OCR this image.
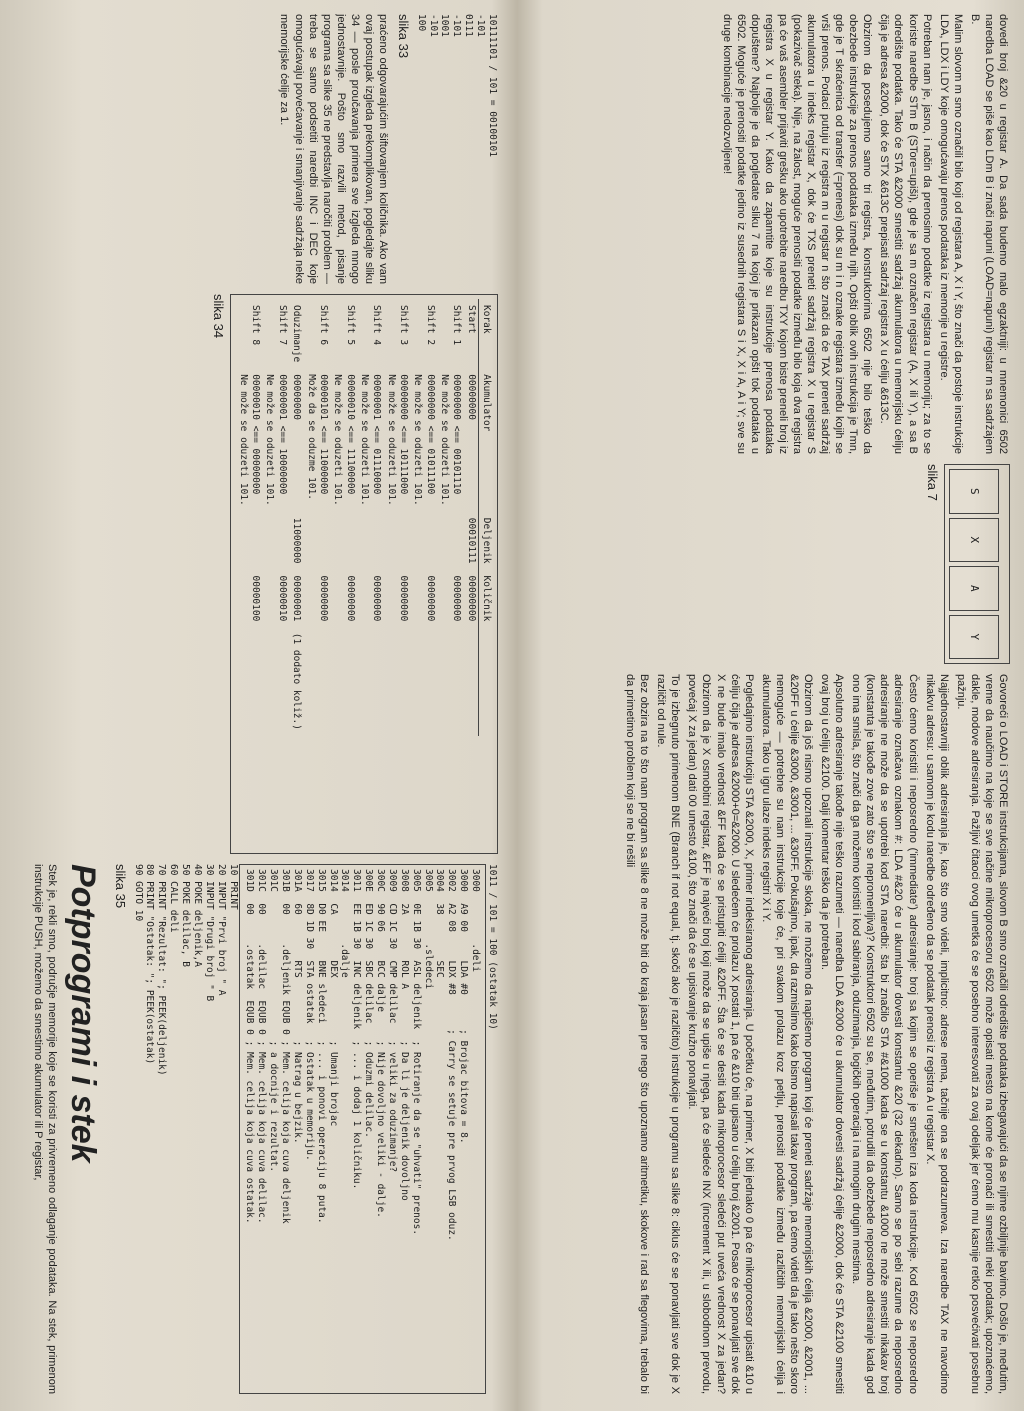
10111101 / 101 = 00100101
-101
0111
-101
1001
-101
100
slika 33

praćeno odgovarajućim šiftovanjem količnika. Ako vam ovaj postupak izgleda prekomplikovan, pogledajte sliku 34 — posle proučavanja primera sve izgleda mnogo jednostavnije. Pošto smo razvili metod, pisanje programa sa slike 35 ne predstavlja naročiti problem — treba se samo podsetiti naredbi INC i DEC koje omogućavaju povećavanje i smanjivanje sadržaja neke memorijske ćelije za 1.

Korak	Akumulator	Deljenik	Količnik
Start	00000000	00010111	00000000
Shift 1	00000000 <== 00101110
Ne može se oduzeti 101.		00000000
Shift 2	00000000 <== 01011100
Ne može se oduzeti 101.		00000000
Shift 3	00000000 <== 10111000
Ne može se oduzeti 101.		00000000
Shift 4	00000001 <== 01110000
Ne može se oduzeti 101.		00000000
Shift 5	00000010 <== 11100000
Ne može se oduzeti 101.		00000000
Shift 6	00000101 <== 11000000
Može da se oduzme 101.		00000000
Oduzimanje	00000000	11000000	00000001  (1 dodato koliž.)
Shift 7	00000001 <== 10000000
Ne može se oduzeti 101.		00000010
Shift 8	00000010 <== 00000000
Ne može se oduzeti 101.		00000100
slika 34
1011 / 101 = 100 (ostatak 10)
3000         .deli
3000  A9 00     LDA #0      ; Brojac bitova = 8.
3002  A2 08     LDX #8      ; Carry se setuje pre prvog LSB oduz.
3004  38        SEC
3005         .sledeci
3005  0E 1B 30  ASL deljenik  ; Rotiranje da se "uhvati" prenos.
3008  2A        ROL A         ; Da li je deljenik dovoljno
3009  CD 1C 30  CMP delilac   ; veliki za oduzimanje?
300C  90 06     BCC dalje     ; Nije dovoljno veliki - dalje.
300E  ED 1C 30  SBC delilac   ; Oduzmi delilac.
3011  EE 1B 30  INC deljenik  ; ... i dodaj 1 količniku.
3014         .dalje
3014  CA        DEX           ; Umanji brojac
3015  D0 EE     BNE sledeci   ; ... i ponovi operaciju 8 puta.
3017  8D 1D 30  STA ostatak   ; Ostatak u memoriju.
301A  60        RTS           ; Natrag u bejzik.
301B  00     .deljenik EQUB 0 ; Mem. celija koja cuva deljenik
301C                          ; a docnije i rezultat.
301C  00     .delilac  EQUB 0 ; Mem. celija koja cuva delilac.
301D  00     .ostatak  EQUB 0 ; Mem. celija koja cuva ostatak.
10 PRINT
20 INPUT "Prvi broj " A
30 INPUT "Drugi broj " B
40 POKE deljenik,A
50 POKE delilac, B
60 CALL deli
70 PRINT "Rezultat: "; PEEK(deljenik)
80 PRINT "Ostatak: "; PEEK(ostatak)
90 GOTO 10
slika 35
Potprogrami i stek

Stek je, rekli smo, područje memorije koje se koristi za privremeno odlaganje podataka. Na stek, primenom instrukcije PUSH, možemo da smestimo akumulator ili P registar,

dovedi broj &20 u registar A. Da sada budemo malo egzaktniji: u mnemonici 6502 naredba LOAD se piše kao LDm B i znači napuni (LOAD=napuni) registar m sa sadržajem B.

Malim slovom m smo označili bilo koji od registara A, X i Y, što znači da postoje instrukcije LDA, LDX i LDY koje omogućavaju prenos podataka iz memorije u registre.

Potreban nam je, jasno, i način da prenosimo podatke iz registara u memoriju; za to se koriste naredbe STm B (STore=upiši), gde je sa m označen registar (A, X ili Y), a sa B odredište podatka. Tako će STA &2000 smestiti sadržaj akumulatora u memorijsku ćeliju čija je adresa &2000, dok će STX &613C prepisati sadržaj registra X u ćeliju &613C.

Obzirom da posedujemo samo tri registra, konstruktorima 6502 nije bilo teško da obezbede instrukcije za prenos podataka između njih. Opšti oblik ovih instrukcija je Tmn, gde je T skraćenica od transfer (=prenesi) dok su m i n oznake registara između kojih se vrši prenos. Podaci putuju iz registra m u registar n što znači da će TAX preneti sadržaj akumulatora u indeks registar X, dok će TXS preneti sadržaj registra X u registar S (pokazivač steka). Nije, na žalost, moguće prenositi podatke između bilo koja dva registra pa će vaš asembler prijaviti grešku ako upotrebite naredbu TXY kojom biste preneli broj iz registra X u registar Y. Kako da zapamtite koje su instrukcije prenosa podataka dopuštene? Najbolje je da pogledate sliku 7 na kojoj je prikazan opšti tok podataka u 6502. Moguće je prenositi podatke jedino iz susednih registara S i X, X i A, A i Y; sve su druge kombinacije nedozvoljene!

S
X
A
Y
slika 7

Govoreći o LOAD i STORE instrukcijama, slovom B smo označili odredište podataka izbegavajući da se njime ozbiljnije bavimo. Došlo je, međutim, vreme da naučimo na koje se sve načine mikroprocesoru 6502 može opisati mesto na kome će pronaći ili smestiti neki podatak; upoznaćemo, dakle, modove adresiranja. Pažljivi čitaoci ovog umetka će se posebno interesovati za ovaj odeljak jer ćemo mu kasnije retko posvećivati posebnu pažnju.

Najjednostavniji oblik adresiranja je, kao što smo videli, implicitno: adrese nema, tačnije ona se podrazumeva. Iza naredbe TAX ne navodimo nikakvu adresu: u samom je kodu naredbe određeno da se podatak prenosi iz registra A u registar X.

Često ćemo koristiti i neposredno ('immediate') adresiranje: broj sa kojim se operiše je smešten iza koda instrukcije. Kod 6502 se neposredno adresiranje označava oznakom #: LDA #&20 će u akumulator dovesti konstantu &20 (32 dekadno). Samo se po sebi razume da neposredno adresiranje ne može da se upotrebi kod STA naredbi: šta bi značilo STA #&1000 kada se u konstantu &1000 ne može smestiti nikakav broj (konstanta je takođe zove zato što se nepromenljiva)? Konstruktori 6502 su se, međutim, potrudili da obezbede neposredno adresiranje kada god ono ima smisla, što znači da ga možemo koristiti i kod sabiranja, oduzimanja, logičkih operacija i na mnogim drugim mestima.

Apsolutno adresiranje takođe nije teško razumeti — naredba LDA &2000 će u akumulator dovesti sadržaj ćelije &2000, dok će STA &2100 smestiti ovaj broj u ćeliju &2100. Dalji komentar teško da je potreban.

Obzirom da još nismo upoznali instrukcije skoka, ne možemo da napišemo program koji će preneti sadržaje memorijskih ćelija &2000, &2001, ... &20FF u ćelije &3000, &3001, ... &30FF. Pokušajmo, ipak, da razmislimo kako bismo napisali takav program, pa ćemo videti da je tako nešto skoro nemoguće — potrebne su nam instrukcije koje će, pri svakom prolazu kroz petlju, prenositi podatke između različitih memorijskih ćelija i akumulatora. Tako u igru ulaze indeks registri X i Y.

Pogledajmo instrukciju STA &2000, X, primer indeksiranog adresiranja. U početku će, na primer, X biti jednako 0 pa će mikroprocesor upisati &10 u ćeliju čija je adresa &2000+0=&2000. U sledećem će prolazu X postati 1, pa će &10 biti upisano u ćeliju broj &2001. Posao će se ponavljati sve dok X ne bude imalo vrednost &FF kada će se pristupiti ćeliji &20FF. Šta će se desiti kada mikroprocesor sledeći put uveća vrednost X za jedan? Obzirom da je X osmobitni registar, &FF je najveći broj koji može da se upiše u njega, pa će sledeće INX (increment X ili, u slobodnom prevodu, povećaj X za jedan) dati 00 umesto &100, što znači da će se upisivanje kružno ponavljati.

To je izbegnuto primenom BNE (Branch if not equal, tj. skoči ako je različito) instrukcije u programu sa slike 8: ciklus će se ponavljati sve dok je X različit od nule.

Bez obzira na to što nam program sa slike 8 ne može biti do kraja jasan pre nego što upoznamo aritmetiku, skokove i rad sa flegovima, trebalo bi da primetimo problem koji se ne bi rešili
